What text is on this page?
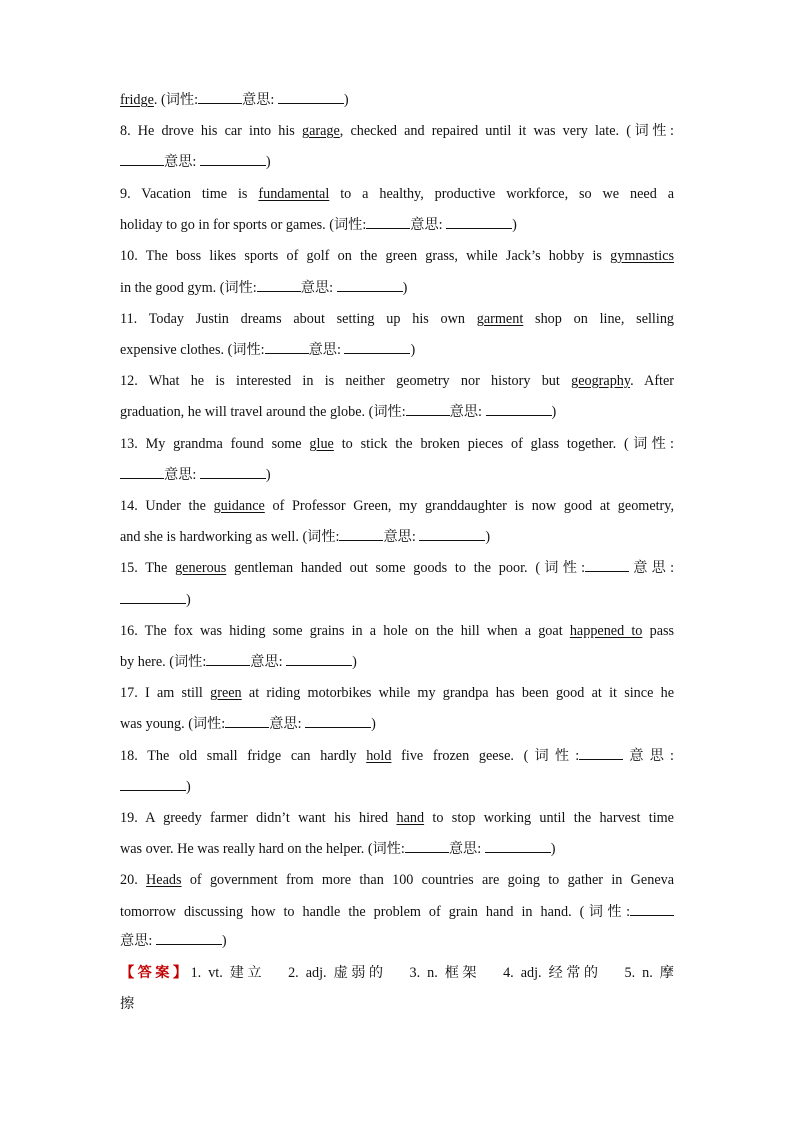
fridge. (词性:	意思:	)
8. He drove his car into his garage, checked and repaired until it was very late. (词性:
意思:	)
9. Vacation time is fundamental to a healthy, productive workforce, so we need a
holiday to go in for sports or games. (词性:	意思:	)
10. The boss likes sports of golf on the green grass, while Jack’s hobby is gymnastics
in the good gym. (词性:	意思:	)
11. Today Justin dreams about setting up his own garment shop on line, selling
expensive clothes. (词性:	意思:	)
12. What he is interested in is neither geometry nor history but geography. After
graduation, he will travel around the globe. (词性:	意思:	)
13. My grandma found some glue to stick the broken pieces of glass together. (词性:
意思:	)
14. Under the guidance of Professor Green, my granddaughter is now good at geometry,
and she is hardworking as well. (词性:	意思:	)
15. The generous gentleman handed out some goods to the poor. (词性:	意思:
)
16. The fox was hiding some grains in a hole on the hill when a goat happened to pass
by here. (词性:	意思:	)
17. I am still green at riding motorbikes while my grandpa has been good at it since he
was young. (词性:	意思:	)
18. The old small fridge can hardly hold five frozen geese. (词性:	意思:
)
19. A greedy farmer didn’t want his hired hand to stop working until the harvest time
was over. He was really hard on the helper. (词性:	意思:	)
20. Heads of government from more than 100 countries are going to gather in Geneva
tomorrow discussing how to handle the problem of grain hand in hand. (词性:
意思:	)
【答案】1. vt. 建立 2. adj. 虚弱的 3. n. 框架 4. adj. 经常的 5. n. 摩
擦
